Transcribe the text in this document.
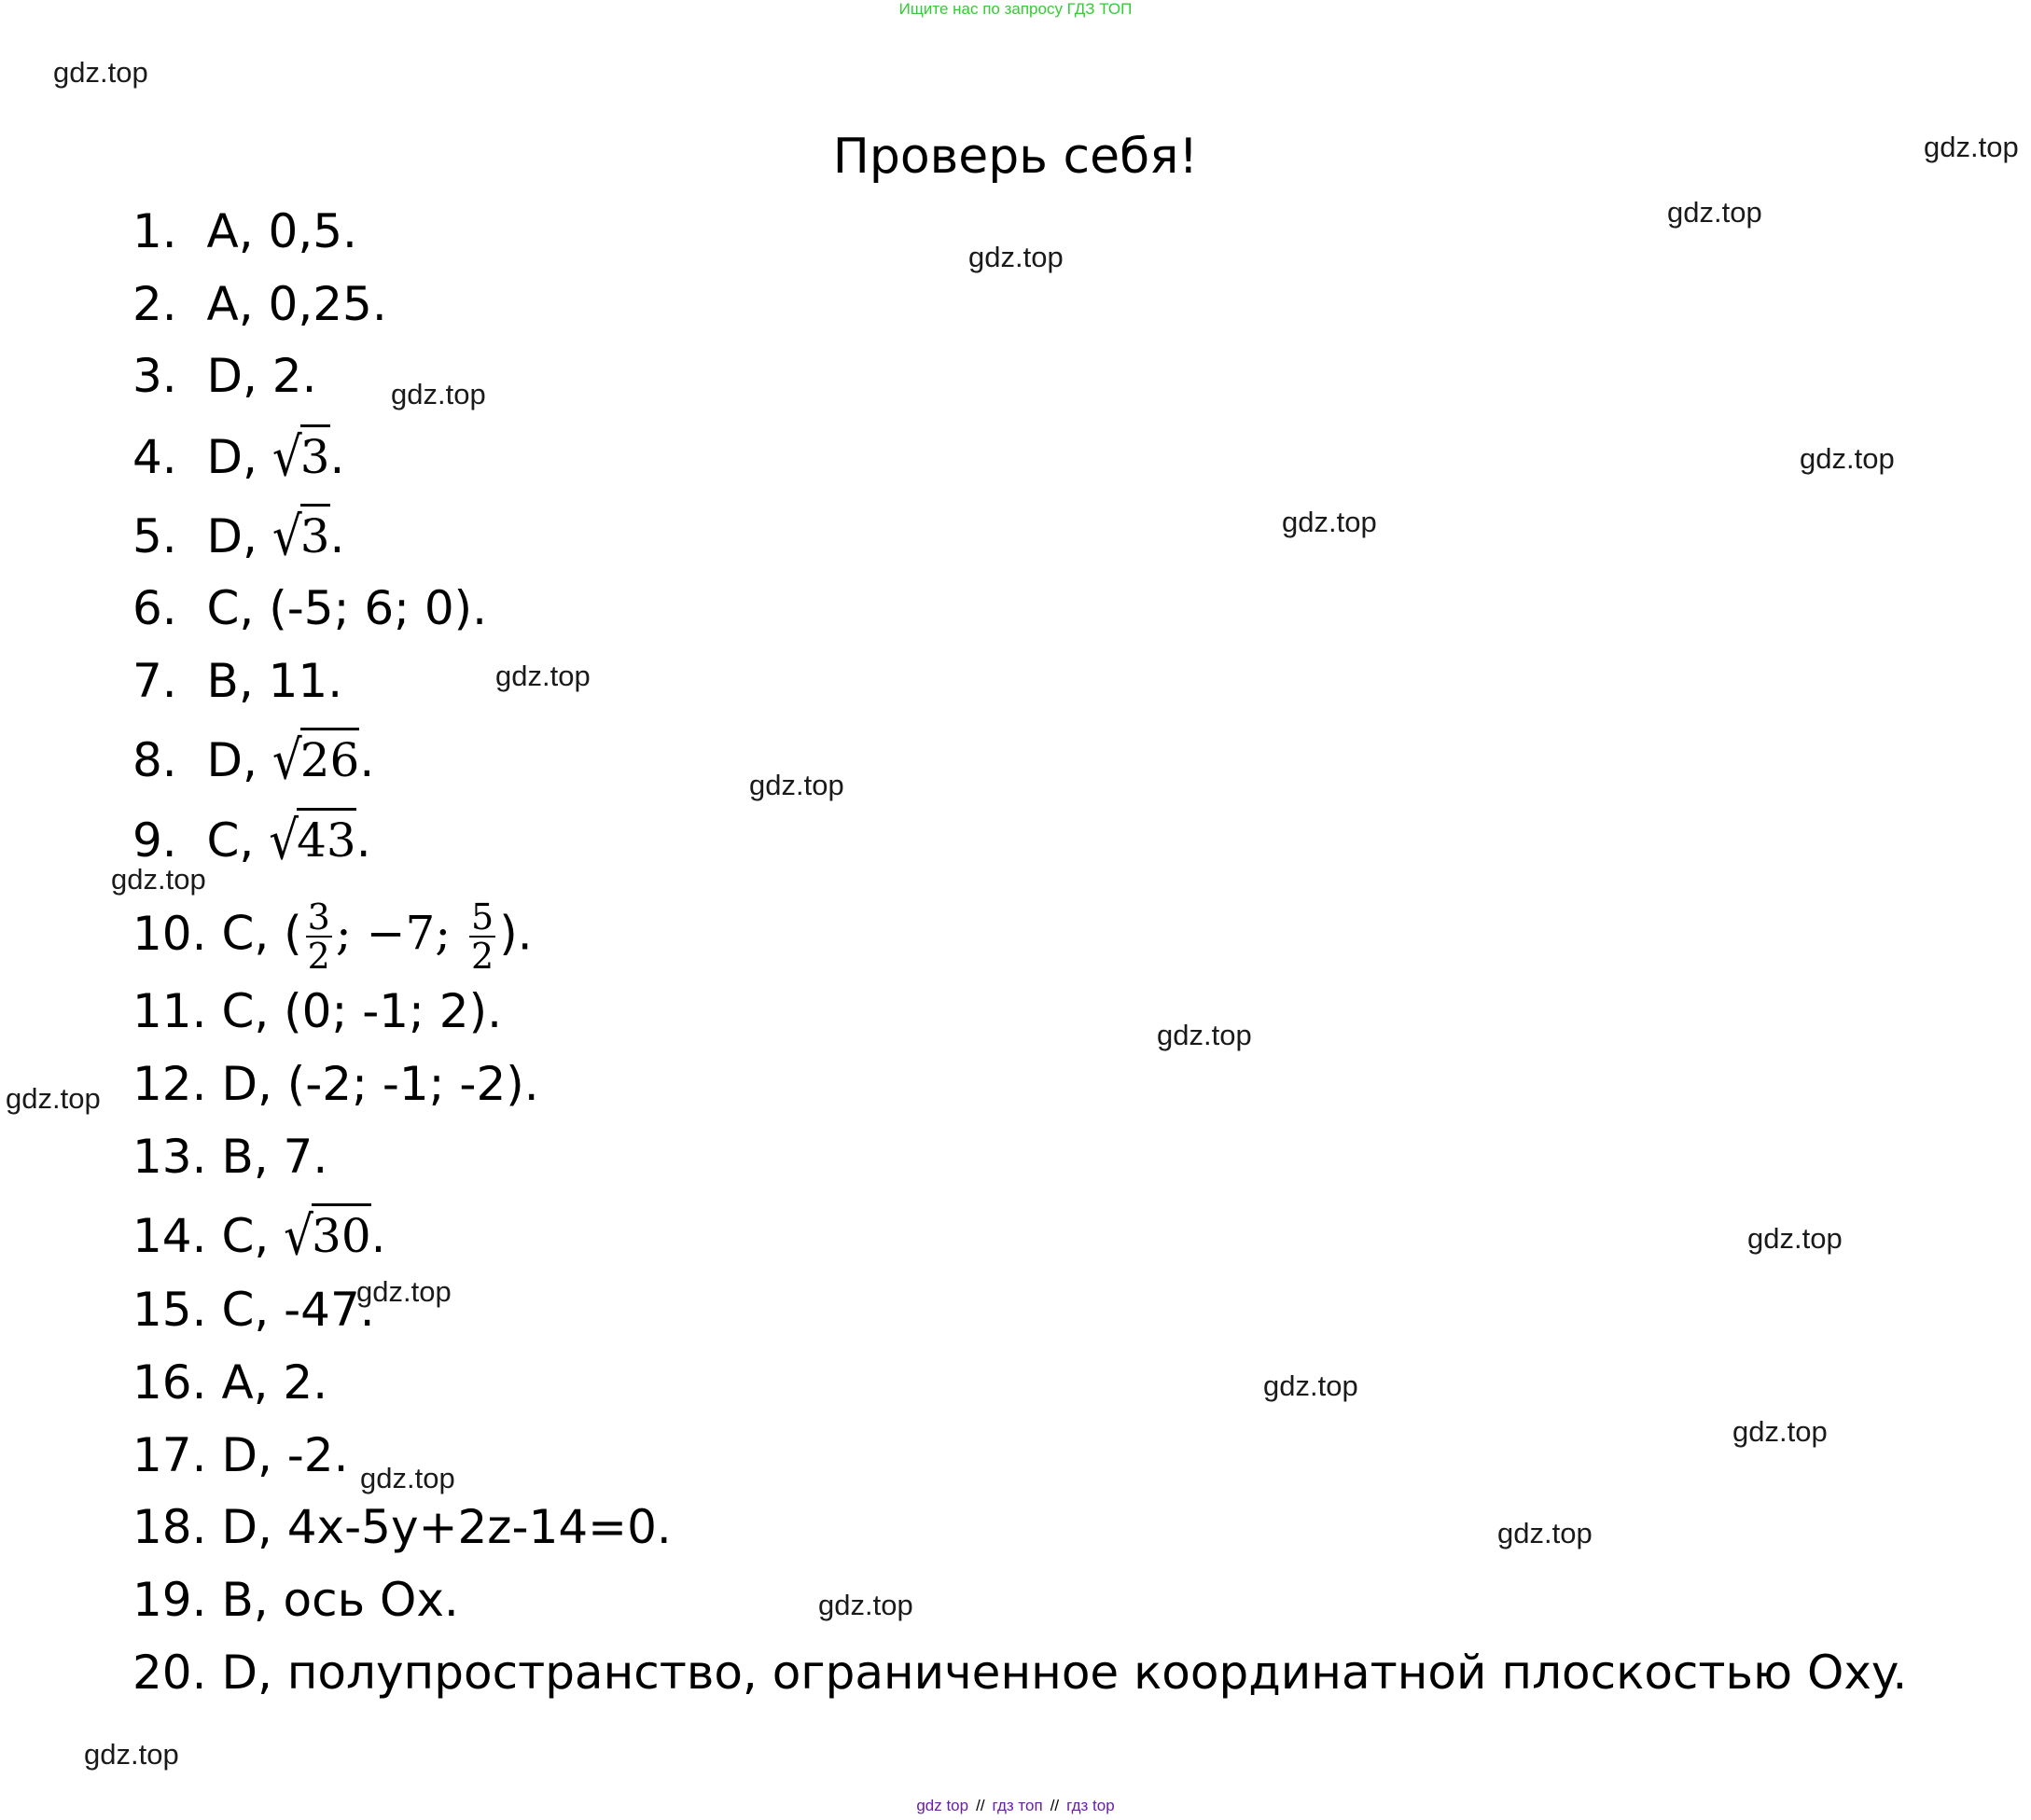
Ищите нас по запросу ГДЗ ТОП
Проверь себя!
1. A, 0,5.
2. A, 0,25.
3. D, 2.
4. D, √3.
5. D, √3.
6. C, (-5; 6; 0).
7. B, 11.
8. D, √26.
9. C, √43.
10. C, ( $\frac{3}{2}$ ; −7; $\frac{5}{2}$ ).
11. C, (0; -1; 2).
12. D, (-2; -1; -2).
13. B, 7.
14. C, √30.
15. C, -47.
16. A, 2.
17. D, -2.
18. D, 4x-5y+2z-14=0.
19. B, ось Ox.
20. D, полупространство, ограниченное координатной плоскостью Oxy.
gdz.top
gdz.top
gdz.top
gdz.top
gdz.top
gdz.top
gdz.top
gdz.top
gdz.top
gdz.top
gdz.top
gdz.top
gdz.top
gdz.top
gdz.top
gdz.top
gdz.top
gdz.top
gdz.top
gdz.top
gdz top // гдз топ // гдз top
